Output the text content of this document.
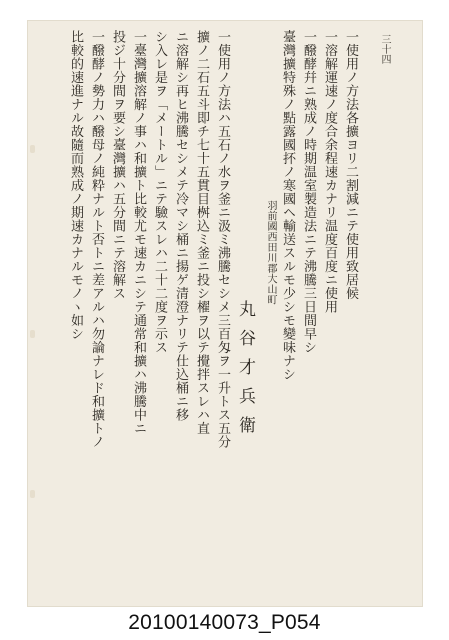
三十四
一使用ノ方法各擴ヨリ二割減ニテ使用致居候
一溶解運速ノ度合余程速カナリ温度百度ニ使用
一醱酵幷ニ熟成ノ時期温室製造法ニテ沸騰三日間早シ
臺灣擴特殊ノ點露國抔ノ寒國ヘ輸送スルモ少シモ變味ナシ
羽前國西田川郡大山町
丸谷才兵衛
一使用ノ方法ハ五石ノ水ヲ釜ニ汲ミ沸騰セシメ三百匁ヲ一升トス五分
擴ノ二石五斗即チ七十五貫目桝込ミ釜ニ投シ櫂ヲ以テ攪拌スレハ直
ニ溶解シ再ヒ沸騰セシメテ冷マシ桶ニ揚ゲ清澄ナリテ仕込桶ニ移
シ入レ是ヲ「メートル」ニテ驗スレハ二十二度ヲ示ス
一臺灣擴溶解ノ事ハ和擴ト比較尤モ速カニシテ通常和擴ハ沸騰中ニ
投ジ十分間ヲ要シ臺灣擴ハ五分間ニテ溶解ス
一醱酵ノ勢力ハ醱母ノ純粋ナルト否トニ差アルハ勿論ナレド和擴トノ
比較的速進ナル故隨而熟成ノ期速カナルモノヽ如シ
20100140073_P054
